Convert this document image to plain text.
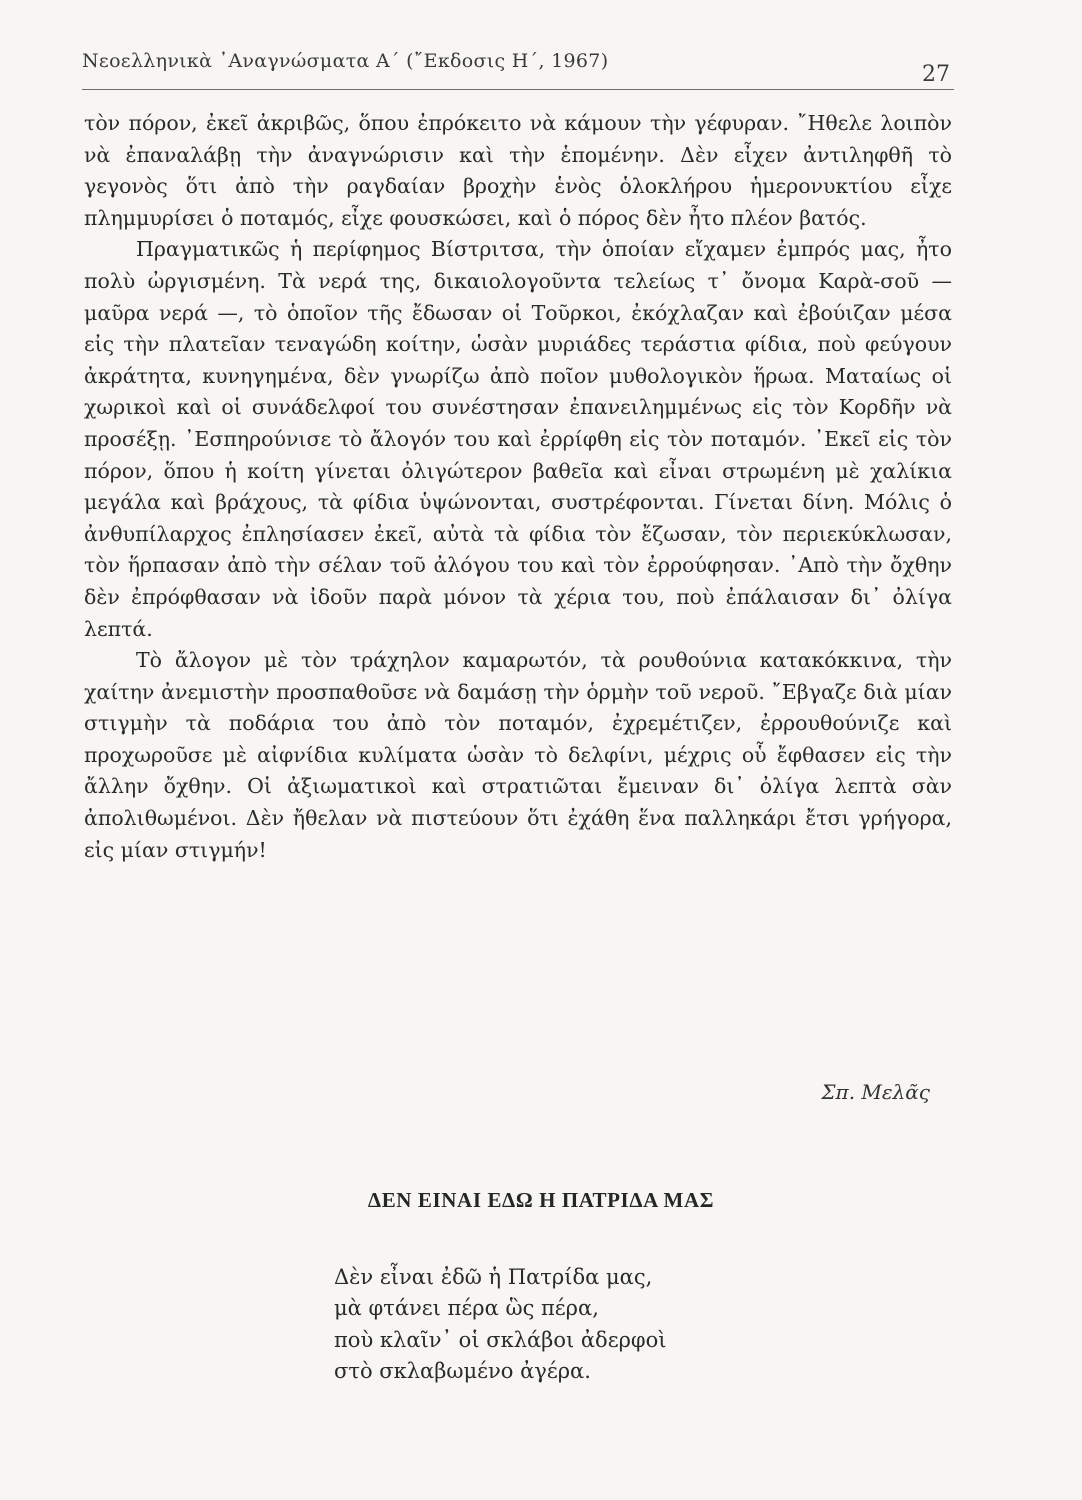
Νεοελληνικὰ ᾿Αναγνώσματα Α΄ (῎Εκδοσις Η΄, 1967)
27

τὸν πόρον, ἐκεῖ ἀκριβῶς, ὅπου ἐπρόκειτο νὰ κάμουν τὴν γέφυραν. ῎Ηθελε λοιπὸν νὰ ἐπαναλάβῃ τὴν ἀναγνώρισιν καὶ τὴν ἑπομένην. Δὲν εἶχεν ἀντιληφθῆ τὸ γεγονὸς ὅτι ἀπὸ τὴν ραγδαίαν βροχὴν ἑνὸς ὁλοκλήρου ἡμερονυκτίου εἶχε πλημμυρίσει ὁ ποταμός, εἶχε φουσκώσει, καὶ ὁ πόρος δὲν ἦτο πλέον βατός.

Πραγματικῶς ἡ περίφημος Βίστριτσα, τὴν ὁποίαν εἴχαμεν ἐμπρός μας, ἦτο πολὺ ὠργισμένη. Τὰ νερά της, δικαιολογοῦντα τελείως τ᾿ ὄνομα Καρὰ-σοῦ — μαῦρα νερά —, τὸ ὁποῖον τῆς ἔδωσαν οἱ Τοῦρκοι, ἐκόχλαζαν καὶ ἐβούιζαν μέσα εἰς τὴν πλατεῖαν τεναγώδη κοίτην, ὡσὰν μυριάδες τεράστια φίδια, ποὺ φεύγουν ἀκράτητα, κυνηγημένα, δὲν γνωρίζω ἀπὸ ποῖον μυθολογικὸν ἥρωα. Ματαίως οἱ χωρικοὶ καὶ οἱ συνάδελφοί του συνέστησαν ἐπανειλημμένως εἰς τὸν Κορδῆν νὰ προσέξῃ. ᾿Εσπηρούνισε τὸ ἄλογόν του καὶ ἐρρίφθη εἰς τὸν ποταμόν. ᾿Εκεῖ εἰς τὸν πόρον, ὅπου ἡ κοίτη γίνεται ὀλιγώτερον βαθεῖα καὶ εἶναι στρωμένη μὲ χαλίκια μεγάλα καὶ βράχους, τὰ φίδια ὑψώνονται, συστρέφονται. Γίνεται δίνη. Μόλις ὁ ἀνθυπίλαρχος ἐπλησίασεν ἐκεῖ, αὐτὰ τὰ φίδια τὸν ἔζωσαν, τὸν περιεκύκλωσαν, τὸν ἥρπασαν ἀπὸ τὴν σέλαν τοῦ ἀλόγου του καὶ τὸν ἐρρούφησαν. ᾿Απὸ τὴν ὄχθην δὲν ἐπρόφθασαν νὰ ἰδοῦν παρὰ μόνον τὰ χέρια του, ποὺ ἐπάλαισαν δι᾿ ὀλίγα λεπτά.

Τὸ ἄλογον μὲ τὸν τράχηλον καμαρωτόν, τὰ ρουθούνια κατακόκκινα, τὴν χαίτην ἀνεμιστὴν προσπαθοῦσε νὰ δαμάσῃ τὴν ὁρμὴν τοῦ νεροῦ. ῎Εβγαζε διὰ μίαν στιγμὴν τὰ ποδάρια του ἀπὸ τὸν ποταμόν, ἐχρεμέτιζεν, ἐρρουθούνιζε καὶ προχωροῦσε μὲ αἰφνίδια κυλίματα ὡσὰν τὸ δελφίνι, μέχρις οὗ ἔφθασεν εἰς τὴν ἄλλην ὄχθην. Οἱ ἀξιωματικοὶ καὶ στρατιῶται ἔμειναν δι᾿ ὀλίγα λεπτὰ σὰν ἀπολιθωμένοι. Δὲν ἤθελαν νὰ πιστεύουν ὅτι ἐχάθη ἕνα παλληκάρι ἔτσι γρήγορα, εἰς μίαν στιγμήν!

Σπ. Μελᾶς
ΔΕΝ ΕΙΝΑΙ ΕΔΩ Η ΠΑΤΡΙΔΑ ΜΑΣ
Δὲν εἶναι ἐδῶ ἡ Πατρίδα μας,
μὰ φτάνει πέρα ὣς πέρα,
ποὺ κλαῖν᾿ οἱ σκλάβοι ἀδερφοὶ
στὸ σκλαβωμένο ἀγέρα.
